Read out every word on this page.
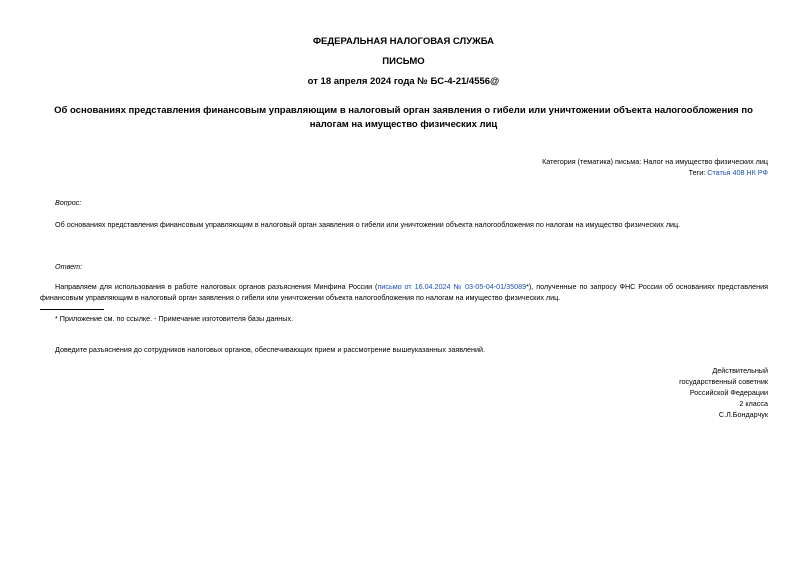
ФЕДЕРАЛЬНАЯ НАЛОГОВАЯ СЛУЖБА
ПИСЬМО
от 18 апреля 2024 года № БС-4-21/4556@
Об основаниях представления финансовым управляющим в налоговый орган заявления о гибели или уничтожении объекта налогообложения по налогам на имущество физических лиц
Категория (тематика) письма: Налог на имущество физических лиц
Теги: Статья 408 НК РФ
Вопрос:
Об основаниях представления финансовым управляющим в налоговый орган заявления о гибели или уничтожении объекта налогообложения по налогам на имущество физических лиц.
Ответ:
Направляем для использования в работе налоговых органов разъяснения Минфина России (письмо от 16.04.2024 № 03-05-04-01/35089*), полученные по запросу ФНС России об основаниях представления финансовым управляющим в налоговый орган заявления о гибели или уничтожении объекта налогообложения по налогам на имущество физических лиц.
* Приложение см. по ссылке. - Примечание изготовителя базы данных.
Доведите разъяснения до сотрудников налоговых органов, обеспечивающих прием и рассмотрение вышеуказанных заявлений.
Действительный
государственный советник
Российской Федерации
2 класса
С.Л.Бондарчук
